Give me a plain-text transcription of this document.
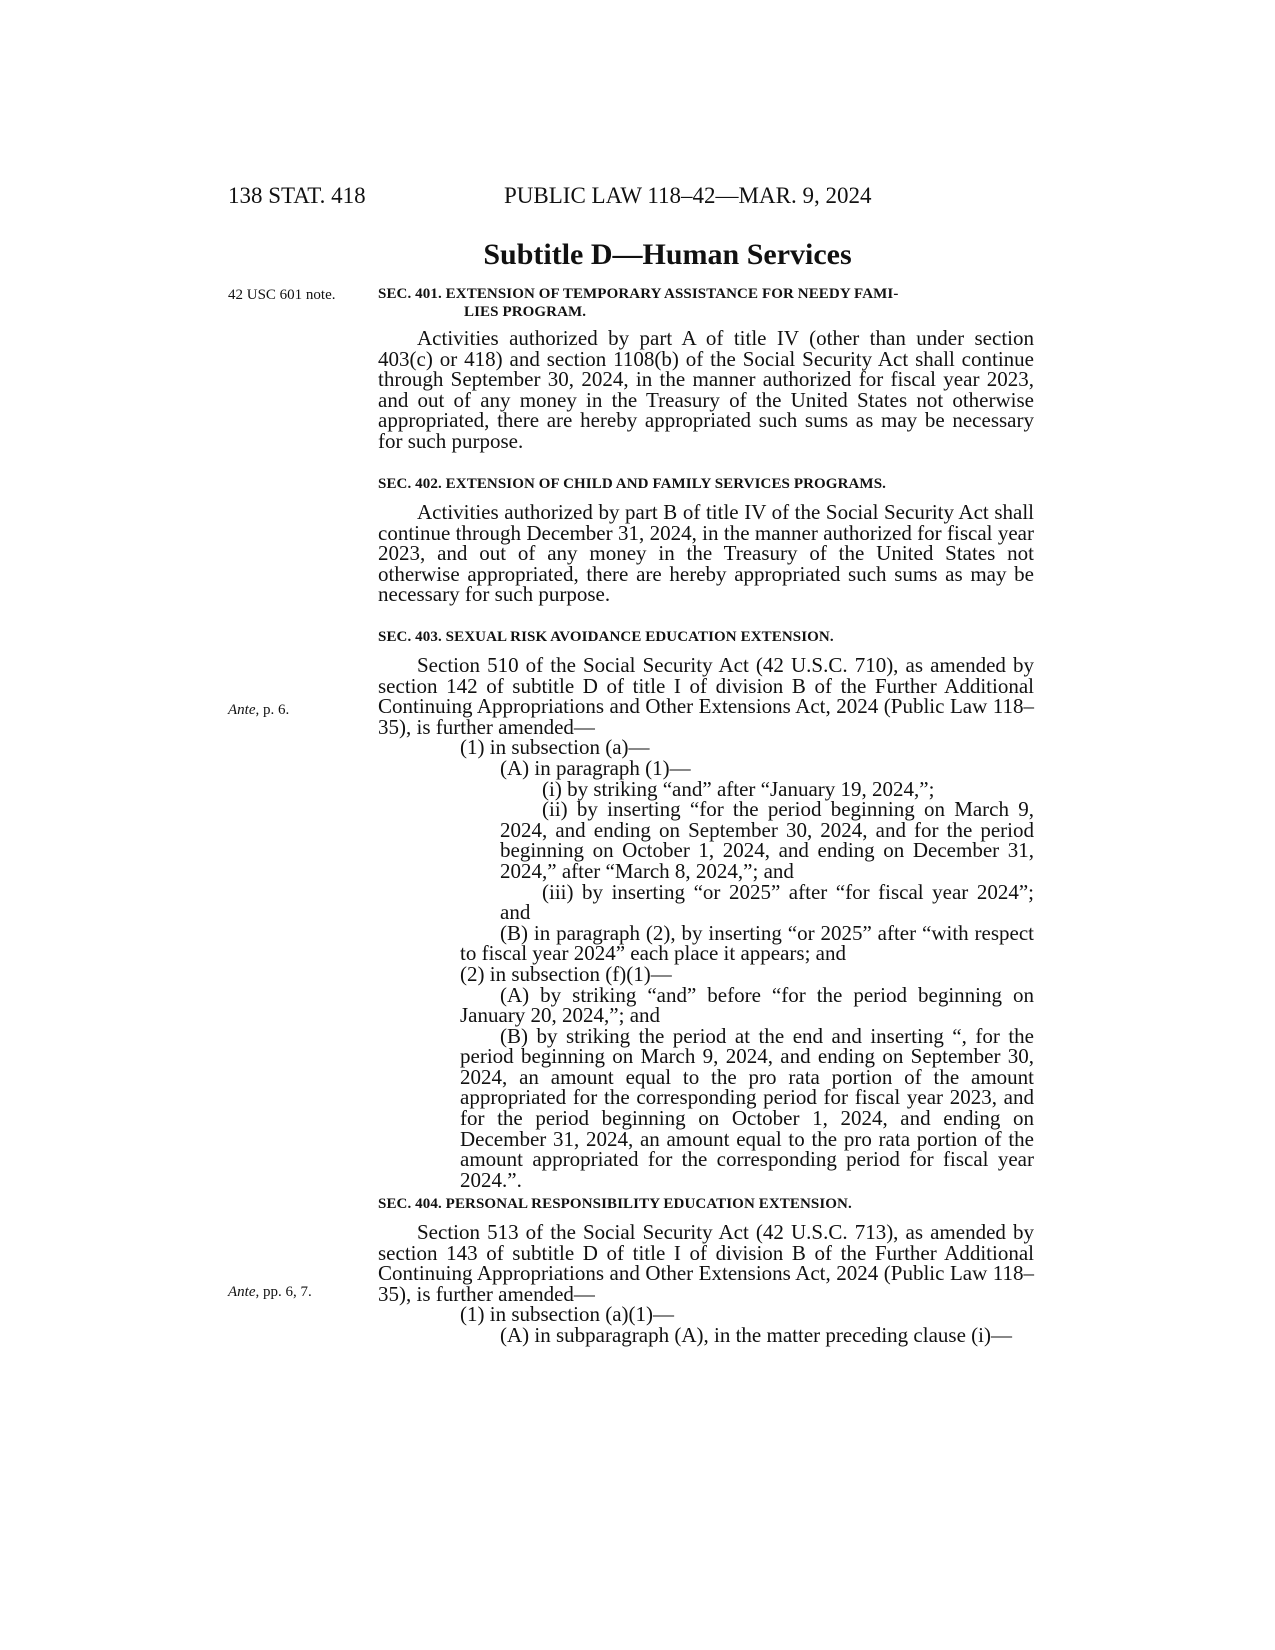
138 STAT. 418	PUBLIC LAW 118–42—MAR. 9, 2024
Subtitle D—Human Services
42 USC 601 note.
Ante, p. 6.
Ante, pp. 6, 7.

SEC. 401. EXTENSION OF TEMPORARY ASSISTANCE FOR NEEDY FAMI-
LIES PROGRAM.

Activities authorized by part A of title IV (other than under section 403(c) or 418) and section 1108(b) of the Social Security Act shall continue through September 30, 2024, in the manner authorized for fiscal year 2023, and out of any money in the Treasury of the United States not otherwise appropriated, there are hereby appropriated such sums as may be necessary for such purpose.

SEC. 402. EXTENSION OF CHILD AND FAMILY SERVICES PROGRAMS.

Activities authorized by part B of title IV of the Social Security Act shall continue through December 31, 2024, in the manner authorized for fiscal year 2023, and out of any money in the Treasury of the United States not otherwise appropriated, there are hereby appropriated such sums as may be necessary for such purpose.

SEC. 403. SEXUAL RISK AVOIDANCE EDUCATION EXTENSION.

Section 510 of the Social Security Act (42 U.S.C. 710), as amended by section 142 of subtitle D of title I of division B of the Further Additional Continuing Appropriations and Other Extensions Act, 2024 (Public Law 118–35), is further amended—

(1) in subsection (a)—

(A) in paragraph (1)—

(i) by striking “and” after “January 19, 2024,”;

(ii) by inserting “for the period beginning on March 9, 2024, and ending on September 30, 2024, and for the period beginning on October 1, 2024, and ending on December 31, 2024,” after “March 8, 2024,”; and

(iii) by inserting “or 2025” after “for fiscal year 2024”; and

(B) in paragraph (2), by inserting “or 2025” after “with respect to fiscal year 2024” each place it appears; and

(2) in subsection (f)(1)—

(A) by striking “and” before “for the period beginning on January 20, 2024,”; and

(B) by striking the period at the end and inserting “, for the period beginning on March 9, 2024, and ending on September 30, 2024, an amount equal to the pro rata portion of the amount appropriated for the corresponding period for fiscal year 2023, and for the period beginning on October 1, 2024, and ending on December 31, 2024, an amount equal to the pro rata portion of the amount appropriated for the corresponding period for fiscal year 2024.”.

SEC. 404. PERSONAL RESPONSIBILITY EDUCATION EXTENSION.

Section 513 of the Social Security Act (42 U.S.C. 713), as amended by section 143 of subtitle D of title I of division B of the Further Additional Continuing Appropriations and Other Extensions Act, 2024 (Public Law 118–35), is further amended—

(1) in subsection (a)(1)—

(A) in subparagraph (A), in the matter preceding clause (i)—
